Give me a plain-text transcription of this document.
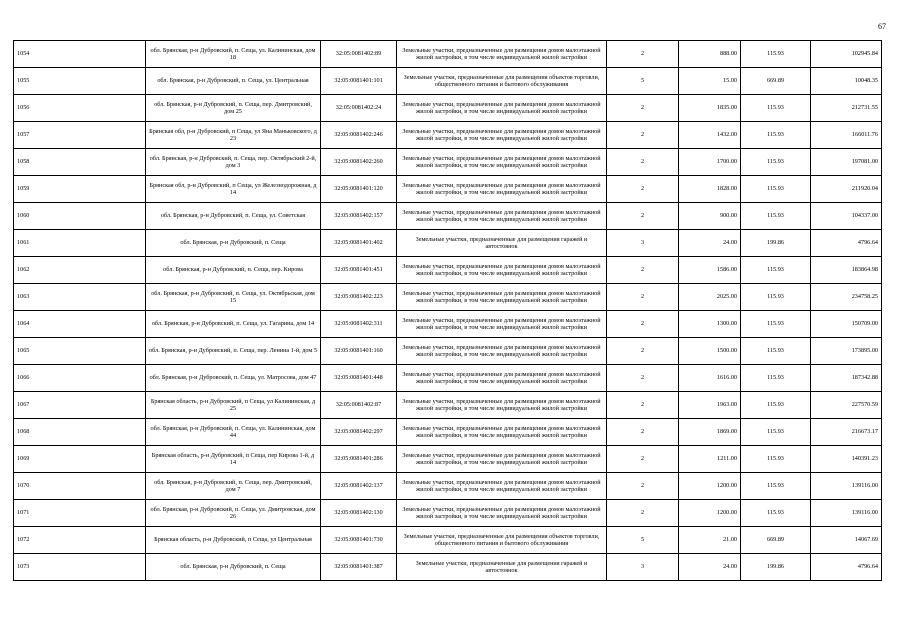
67
1054	обл. Брянская, р-н Дубровский, п. Сеща, ул. Калининская, дом 18	32:05:0081402:89	Земельные участки, предназначенные для размещения домов малоэтажной жилой застройки, в том числе индивидуальной жилой застройки	2	888.00	115.93	102945.84
1055	обл. Брянская, р-н Дубровский, п. Сеща, ул. Центральная	32:05:0081401:101	Земельные участки, предназначенные для размещения объектов торговли, общественного питания и бытового обслуживания	5	15.00	669.89	10048.35
1056	обл. Брянская, р-н Дубровский, п. Сеща, пер. Дмитровский, дом 25	32:05:0081402:24	Земельные участки, предназначенные для размещения домов малоэтажной жилой застройки, в том числе индивидуальной жилой застройки	2	1835.00	115.93	212731.55
1057	Брянская обл, р-н Дубровский, п Сеща, ул Яна Маньковского, д 23	32:05:0081402:246	Земельные участки, предназначенные для размещения домов малоэтажной жилой застройки, в том числе индивидуальной жилой застройки	2	1432.00	115.93	166011.76
1058	обл. Брянская, р-н Дубровский, п. Сеща, пер. Октябрьский 2-й, дом 3	32:05:0081402:260	Земельные участки, предназначенные для размещения домов малоэтажной жилой застройки, в том числе индивидуальной жилой застройки	2	1700.00	115.93	197081.00
1059	Брянская обл, р-н Дубровский, п Сеща, ул Железнодорожная, д 14	32:05:0081401:120	Земельные участки, предназначенные для размещения домов малоэтажной жилой застройки, в том числе индивидуальной жилой застройки	2	1828.00	115.93	211920.04
1060	обл. Брянская, р-н Дубровский, п. Сеща, ул. Советская	32:05:0081402:157	Земельные участки, предназначенные для размещения домов малоэтажной жилой застройки, в том числе индивидуальной жилой застройки	2	900.00	115.93	104337.00
1061	обл. Брянская, р-н Дубровский, п. Сеща	32:05:0081401:402	Земельные участки, предназначенные для размещения гаражей и автостоянок	3	24.00	199.86	4796.64
1062	обл. Брянская, р-н Дубровский, п. Сеща, пер. Кирова	32:05:0081401:451	Земельные участки, предназначенные для размещения домов малоэтажной жилой застройки, в том числе индивидуальной жилой застройки	2	1586.00	115.93	183864.98
1063	обл. Брянская, р-н Дубровский, п. Сеща, ул. Октябрьская, дом 15	32:05:0081402:223	Земельные участки, предназначенные для размещения домов малоэтажной жилой застройки, в том числе индивидуальной жилой застройки	2	2025.00	115.93	234758.25
1064	обл. Брянская, р-н Дубровский, п. Сеща, ул. Гагарина, дом 14	32:05:0081402:311	Земельные участки, предназначенные для размещения домов малоэтажной жилой застройки, в том числе индивидуальной жилой застройки	2	1300.00	115.93	150709.00
1065	обл. Брянская, р-н Дубровский, п. Сеща, пер. Ленина 1-й, дом 5	32:05:0081401:160	Земельные участки, предназначенные для размещения домов малоэтажной жилой застройки, в том числе индивидуальной жилой застройки	2	1500.00	115.93	173895.00
1066	обл. Брянская, р-н Дубровский, п. Сеща, ул. Матросова, дом 47	32:05:0081401:448	Земельные участки, предназначенные для размещения домов малоэтажной жилой застройки, в том числе индивидуальной жилой застройки	2	1616.00	115.93	187342.88
1067	Брянская область, р-н Дубровский, п Сеща, ул Калининская, д 25	32:05:0081402:87	Земельные участки, предназначенные для размещения домов малоэтажной жилой застройки, в том числе индивидуальной жилой застройки	2	1963.00	115.93	227570.59
1068	обл. Брянская, р-н Дубровский, п. Сеща, ул. Калининская, дом 44	32:05:0081402:297	Земельные участки, предназначенные для размещения домов малоэтажной жилой застройки, в том числе индивидуальной жилой застройки	2	1869.00	115.93	216673.17
1069	Брянская область, р-н Дубровский, п Сеща, пер Кирова 1-й, д 14	32:05:0081401:286	Земельные участки, предназначенные для размещения домов малоэтажной жилой застройки, в том числе индивидуальной жилой застройки	2	1211.00	115.93	140391.23
1070	обл. Брянская, р-н Дубровский, п. Сеща, пер. Дмитровский, дом 7	32:05:0081402:137	Земельные участки, предназначенные для размещения домов малоэтажной жилой застройки, в том числе индивидуальной жилой застройки	2	1200.00	115.93	139116.00
1071	обл. Брянская, р-н Дубровский, п. Сеща, ул. Дмитровская, дом 26	32:05:0081402:130	Земельные участки, предназначенные для размещения домов малоэтажной жилой застройки, в том числе индивидуальной жилой застройки	2	1200.00	115.93	139116.00
1072	Брянская область, р-н Дубровский, п Сеща, ул Центральная	32:05:0081401:730	Земельные участки, предназначенные для размещения объектов торговли, общественного питания и бытового обслуживания	5	21.00	669.89	14067.69
1073	обл. Брянская, р-н Дубровский, п. Сеща	32:05:0081401:387	Земельные участки, предназначенные для размещения гаражей и автостоянок	3	24.00	199.86	4796.64
